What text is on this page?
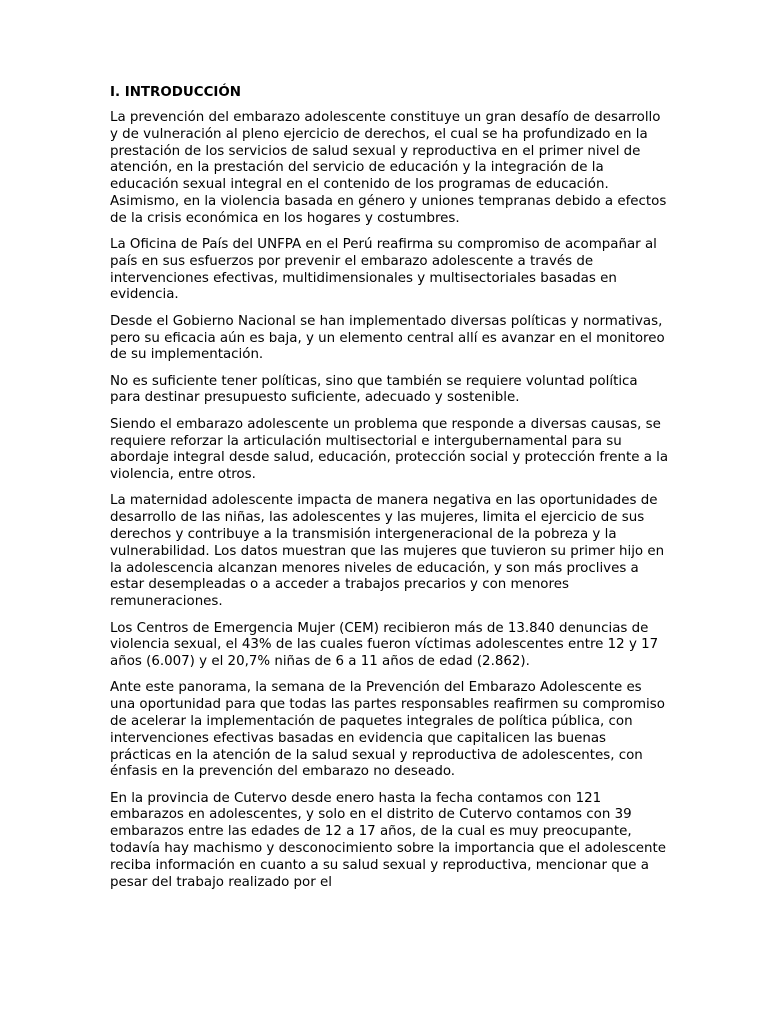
I. INTRODUCCIÓN

La prevención del embarazo adolescente constituye un gran desafío de desarrollo y de vulneración al pleno ejercicio de derechos, el cual se ha profundizado en la prestación de los servicios de salud sexual y reproductiva en el primer nivel de atención, en la prestación del servicio de educación y la integración de la educación sexual integral en el contenido de los programas de educación. Asimismo, en la violencia basada en género y uniones tempranas debido a efectos de la crisis económica en los hogares y costumbres.

La Oficina de País del UNFPA en el Perú reafirma su compromiso de acompañar al país en sus esfuerzos por prevenir el embarazo adolescente a través de intervenciones efectivas, multidimensionales y multisectoriales basadas en evidencia.

Desde el Gobierno Nacional se han implementado diversas políticas y normativas, pero su eficacia aún es baja, y un elemento central allí es avanzar en el monitoreo de su implementación.

No es suficiente tener políticas, sino que también se requiere voluntad política para destinar presupuesto suficiente, adecuado y sostenible.

Siendo el embarazo adolescente un problema que responde a diversas causas, se requiere reforzar la articulación multisectorial e intergubernamental para su abordaje integral desde salud, educación, protección social y protección frente a la violencia, entre otros.

La maternidad adolescente impacta de manera negativa en las oportunidades de desarrollo de las niñas, las adolescentes y las mujeres, limita el ejercicio de sus derechos y contribuye a la transmisión intergeneracional de la pobreza y la vulnerabilidad. Los datos muestran que las mujeres que tuvieron su primer hijo en la adolescencia alcanzan menores niveles de educación, y son más proclives a estar desempleadas o a acceder a trabajos precarios y con menores remuneraciones.

Los Centros de Emergencia Mujer (CEM) recibieron más de 13.840 denuncias de violencia sexual, el 43% de las cuales fueron víctimas adolescentes entre 12 y 17 años (6.007) y el 20,7% niñas de 6 a 11 años de edad (2.862).

Ante este panorama, la semana de la Prevención del Embarazo Adolescente es una oportunidad para que todas las partes responsables reafirmen su compromiso de acelerar la implementación de paquetes integrales de política pública, con intervenciones efectivas basadas en evidencia que capitalicen las buenas prácticas en la atención de la salud sexual y reproductiva de adolescentes, con énfasis en la prevención del embarazo no deseado.

En la provincia de Cutervo desde enero hasta la fecha contamos con 121 embarazos en adolescentes, y solo en el distrito de Cutervo contamos con 39 embarazos entre las edades de 12 a 17 años, de la cual es muy preocupante, todavía hay machismo y desconocimiento sobre la importancia que el adolescente reciba información en cuanto a su salud sexual y reproductiva, mencionar que a pesar del trabajo realizado por el
